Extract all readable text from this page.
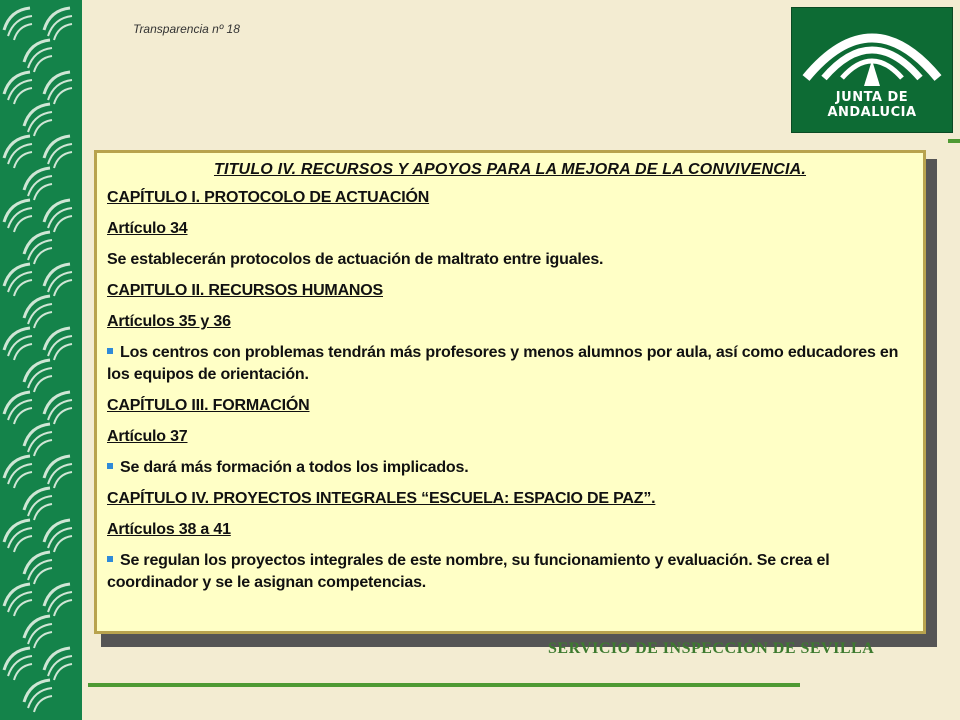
Transparencia nº 18
JUNTA DE ANDALUCIA
SERVICIO DE INSPECCIÓN DE SEVILLA
TITULO IV. RECURSOS Y APOYOS PARA LA MEJORA DE LA CONVIVENCIA.
CAPÍTULO I. PROTOCOLO DE ACTUACIÓN
Artículo 34
Se establecerán protocolos de actuación de maltrato entre iguales.
CAPITULO II. RECURSOS HUMANOS
Artículos 35 y 36
Los centros con problemas tendrán más profesores y menos alumnos por aula, así como educadores en los equipos de orientación.
CAPÍTULO III. FORMACIÓN
Artículo 37
Se dará más formación a todos los implicados.
CAPÍTULO IV. PROYECTOS INTEGRALES “ESCUELA: ESPACIO DE PAZ”.
Artículos 38 a 41
Se regulan los proyectos integrales de este nombre, su funcionamiento y evaluación. Se crea el coordinador y se le asignan competencias.
